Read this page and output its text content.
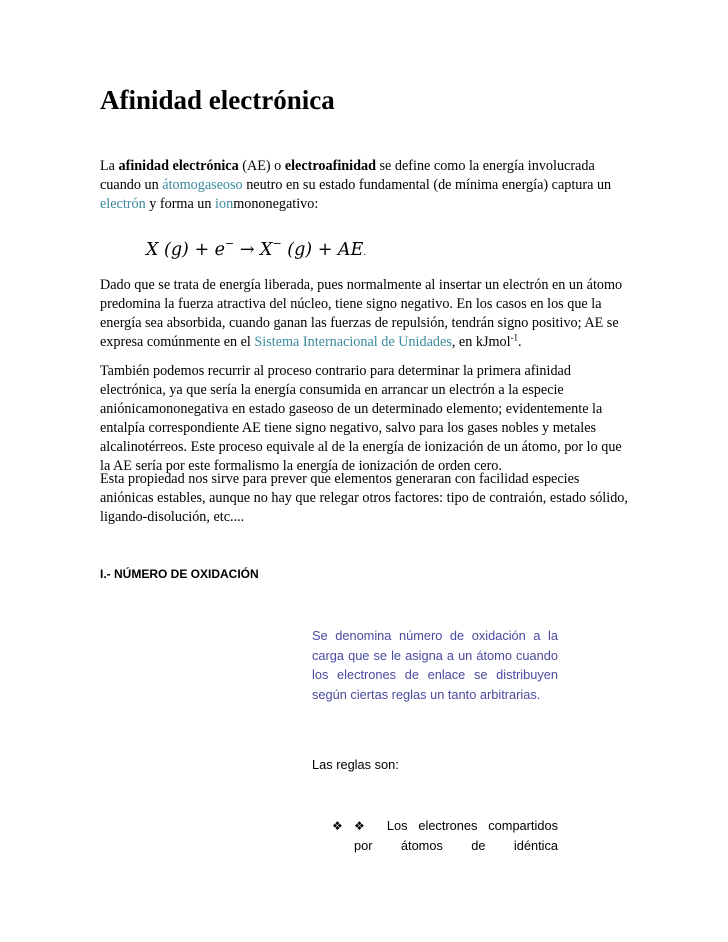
Afinidad electrónica

La afinidad electrónica (AE) o electroafinidad se define como la energía involucrada cuando un átomogaseoso neutro en su estado fundamental (de mínima energía) captura un electrón y forma un ionmononegativo:

X (g) + e− → X− (g) + AE.

Dado que se trata de energía liberada, pues normalmente al insertar un electrón en un átomo predomina la fuerza atractiva del núcleo, tiene signo negativo. En los casos en los que la energía sea absorbida, cuando ganan las fuerzas de repulsión, tendrán signo positivo; AE se expresa comúnmente en el Sistema Internacional de Unidades, en kJmol$^{-1}$.

También podemos recurrir al proceso contrario para determinar la primera afinidad electrónica, ya que sería la energía consumida en arrancar un electrón a la especie aniónicamononegativa en estado gaseoso de un determinado elemento; evidentemente la entalpía correspondiente AE tiene signo negativo, salvo para los gases nobles y metales alcalinotérreos. Este proceso equivale al de la energía de ionización de un átomo, por lo que la AE sería por este formalismo la energía de ionización de orden cero.

Esta propiedad nos sirve para prever que elementos generaran con facilidad especies aniónicas estables, aunque no hay que relegar otros factores: tipo de contraión, estado sólido, ligando-disolución, etc....

I.- NÚMERO DE OXIDACIÓN

Se denomina número de oxidación a la carga que se le asigna a un átomo cuando los electrones de enlace se distribuyen según ciertas reglas un tanto arbitrarias.

Las reglas son:

❖ ❖	Los electrones compartidos
por átomos de idéntica
